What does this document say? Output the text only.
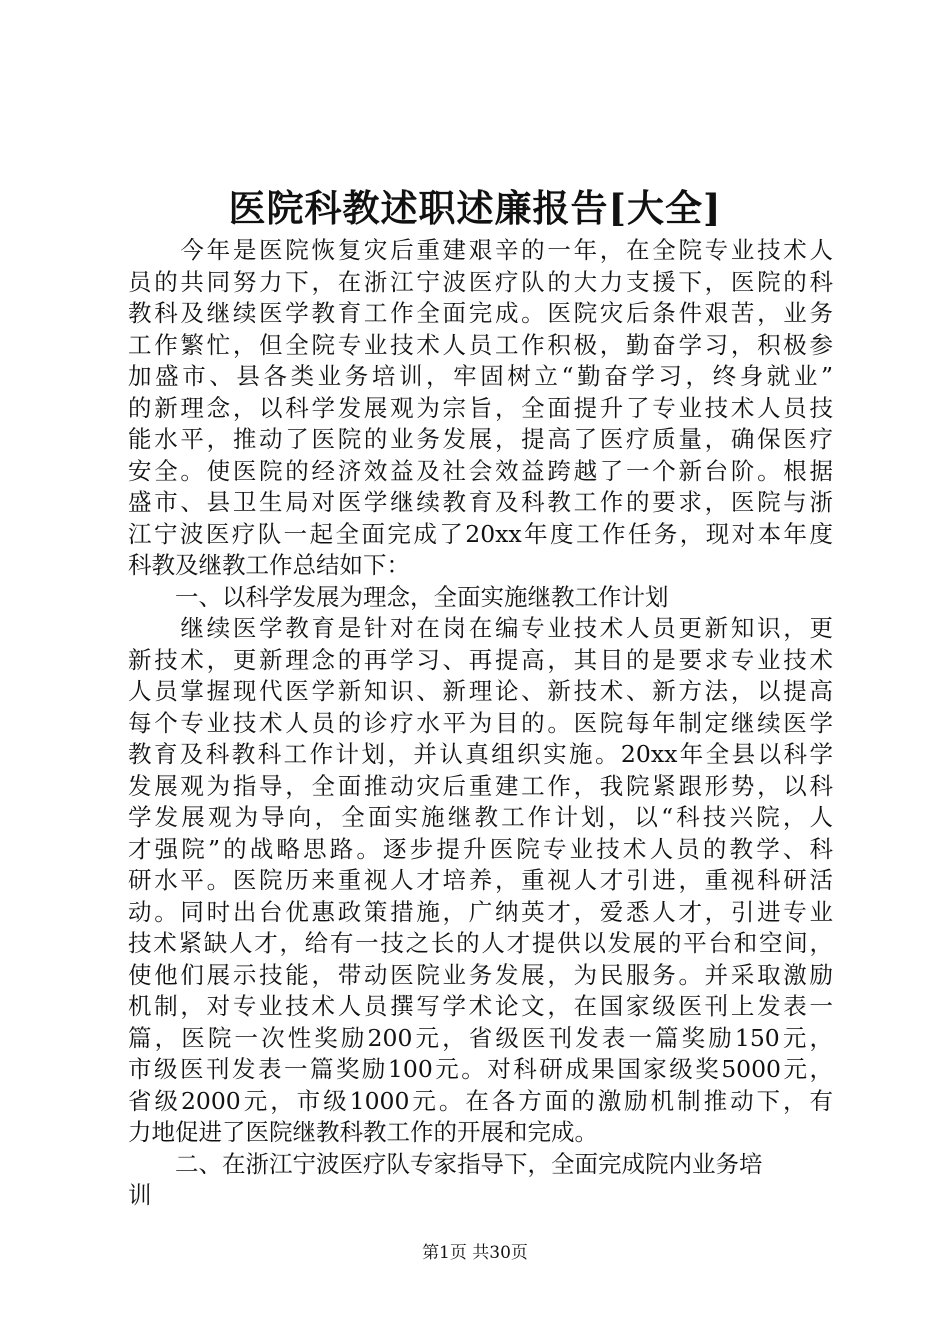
医院科教述职述廉报告[大全]
　　今年是医院恢复灾后重建艰辛的一年，在全院专业技术人
员的共同努力下，在浙江宁波医疗队的大力支援下，医院的科
教科及继续医学教育工作全面完成。医院灾后条件艰苦，业务
工作繁忙，但全院专业技术人员工作积极，勤奋学习，积极参
加盛市、县各类业务培训，牢固树立“勤奋学习，终身就业”
的新理念，以科学发展观为宗旨，全面提升了专业技术人员技
能水平，推动了医院的业务发展，提高了医疗质量，确保医疗
安全。使医院的经济效益及社会效益跨越了一个新台阶。根据
盛市、县卫生局对医学继续教育及科教工作的要求，医院与浙
江宁波医疗队一起全面完成了20xx年度工作任务，现对本年度
科教及继教工作总结如下：
　　一、以科学发展为理念，全面实施继教工作计划
　　继续医学教育是针对在岗在编专业技术人员更新知识，更
新技术，更新理念的再学习、再提高，其目的是要求专业技术
人员掌握现代医学新知识、新理论、新技术、新方法，以提高
每个专业技术人员的诊疗水平为目的。医院每年制定继续医学
教育及科教科工作计划，并认真组织实施。20xx年全县以科学
发展观为指导，全面推动灾后重建工作，我院紧跟形势，以科
学发展观为导向，全面实施继教工作计划，以“科技兴院，人
才强院”的战略思路。逐步提升医院专业技术人员的教学、科
研水平。医院历来重视人才培养，重视人才引进，重视科研活
动。同时出台优惠政策措施，广纳英才，爱悉人才，引进专业
技术紧缺人才，给有一技之长的人才提供以发展的平台和空间，
使他们展示技能，带动医院业务发展，为民服务。并采取激励
机制，对专业技术人员撰写学术论文，在国家级医刊上发表一
篇，医院一次性奖励200元，省级医刊发表一篇奖励150元，
市级医刊发表一篇奖励100元。对科研成果国家级奖5000元，
省级2000元，市级1000元。在各方面的激励机制推动下，有
力地促进了医院继教科教工作的开展和完成。
　　二、在浙江宁波医疗队专家指导下，全面完成院内业务培
训
第1页 共30页
